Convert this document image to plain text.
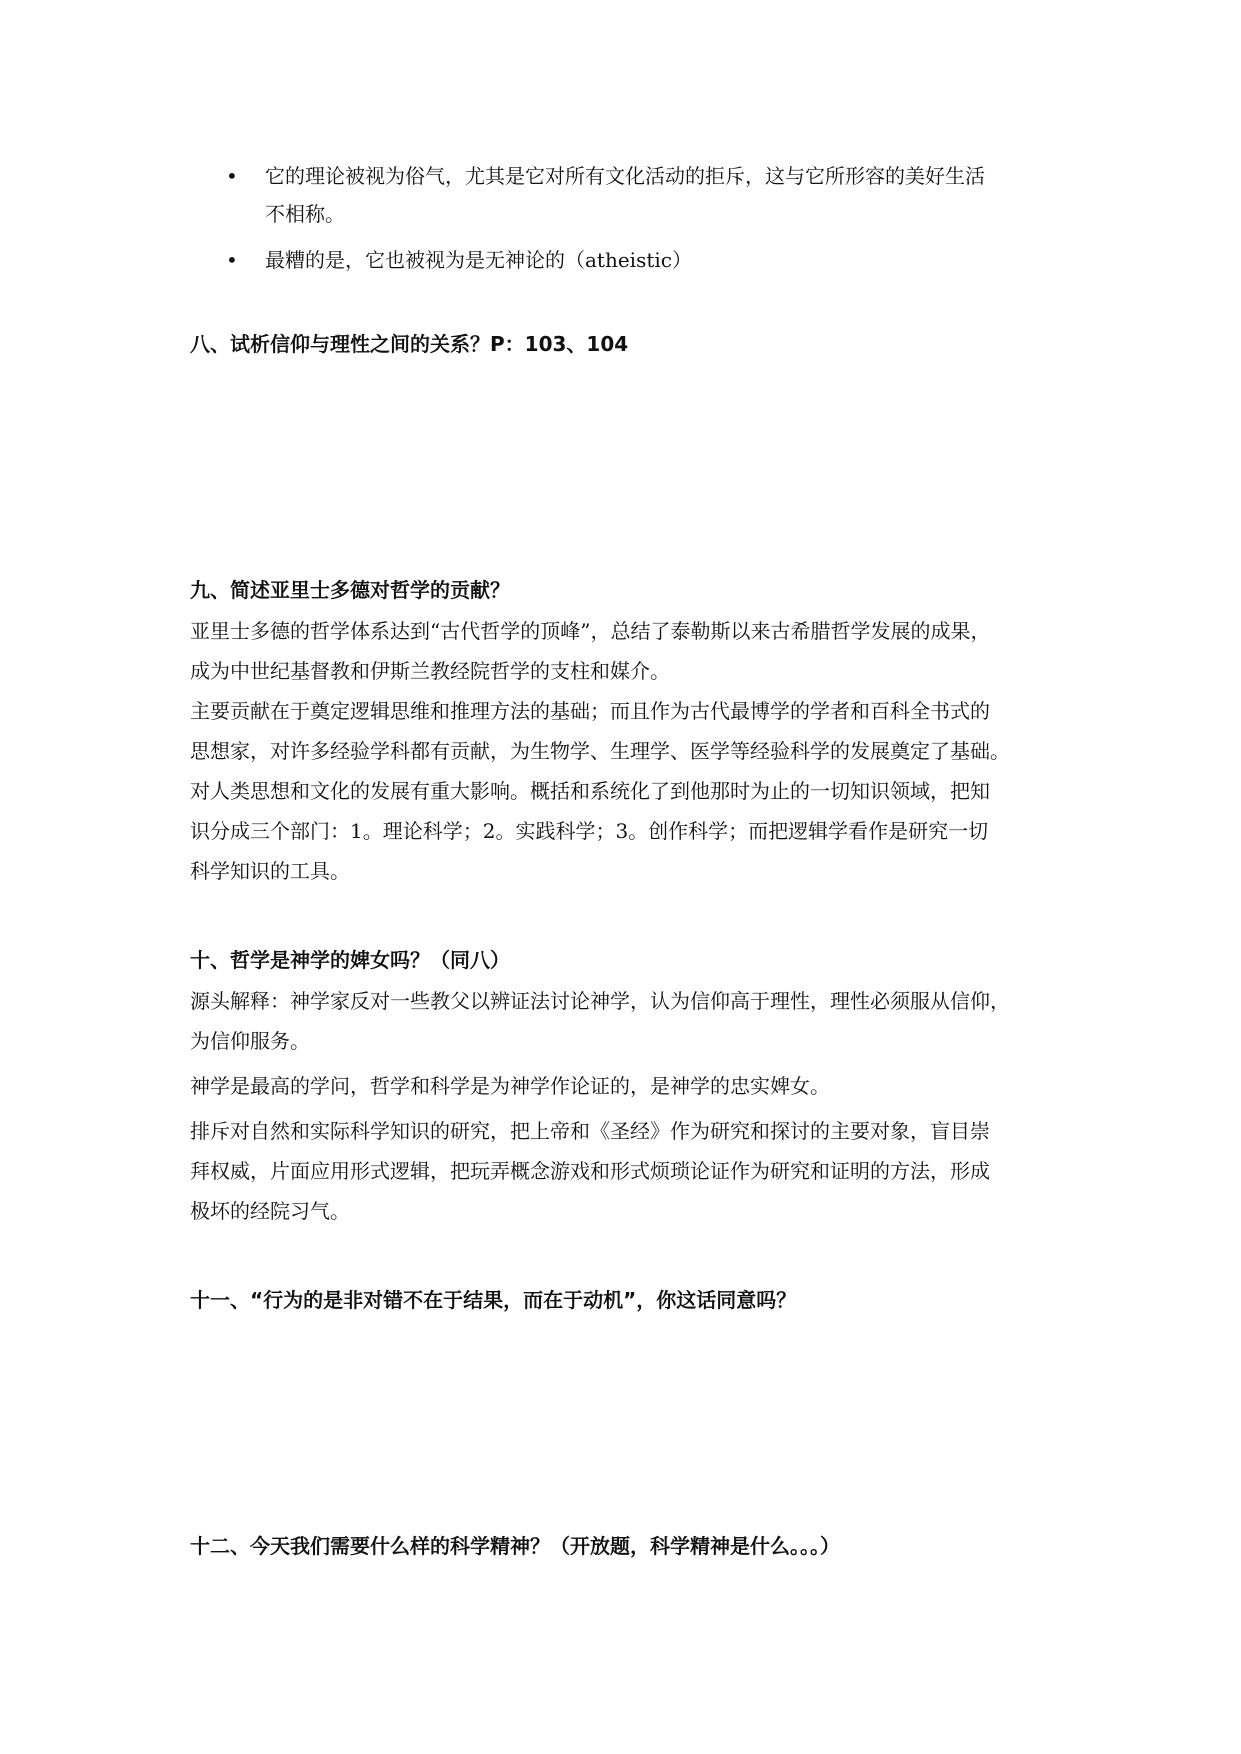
• 它的理论被视为俗气，尤其是它对所有文化活动的拒斥，这与它所形容的美好生活
不相称。
• 最糟的是，它也被视为是无神论的（atheistic）
八、试析信仰与理性之间的关系？P：103、104
九、简述亚里士多德对哲学的贡献？
亚里士多德的哲学体系达到“古代哲学的顶峰”，总结了泰勒斯以来古希腊哲学发展的成果，
成为中世纪基督教和伊斯兰教经院哲学的支柱和媒介。
主要贡献在于奠定逻辑思维和推理方法的基础；而且作为古代最博学的学者和百科全书式的
思想家，对许多经验学科都有贡献，为生物学、生理学、医学等经验科学的发展奠定了基础。
对人类思想和文化的发展有重大影响。概括和系统化了到他那时为止的一切知识领域，把知
识分成三个部门：1。理论科学；2。实践科学；3。创作科学；而把逻辑学看作是研究一切
科学知识的工具。
十、哲学是神学的婢女吗？（同八）
源头解释：神学家反对一些教父以辨证法讨论神学，认为信仰高于理性，理性必须服从信仰，
为信仰服务。
神学是最高的学问，哲学和科学是为神学作论证的，是神学的忠实婢女。
排斥对自然和实际科学知识的研究，把上帝和《圣经》作为研究和探讨的主要对象，盲目崇
拜权威，片面应用形式逻辑，把玩弄概念游戏和形式烦琐论证作为研究和证明的方法，形成
极坏的经院习气。
十一、“行为的是非对错不在于结果，而在于动机”，你这话同意吗？
十二、今天我们需要什么样的科学精神？（开放题，科学精神是什么。。。）
